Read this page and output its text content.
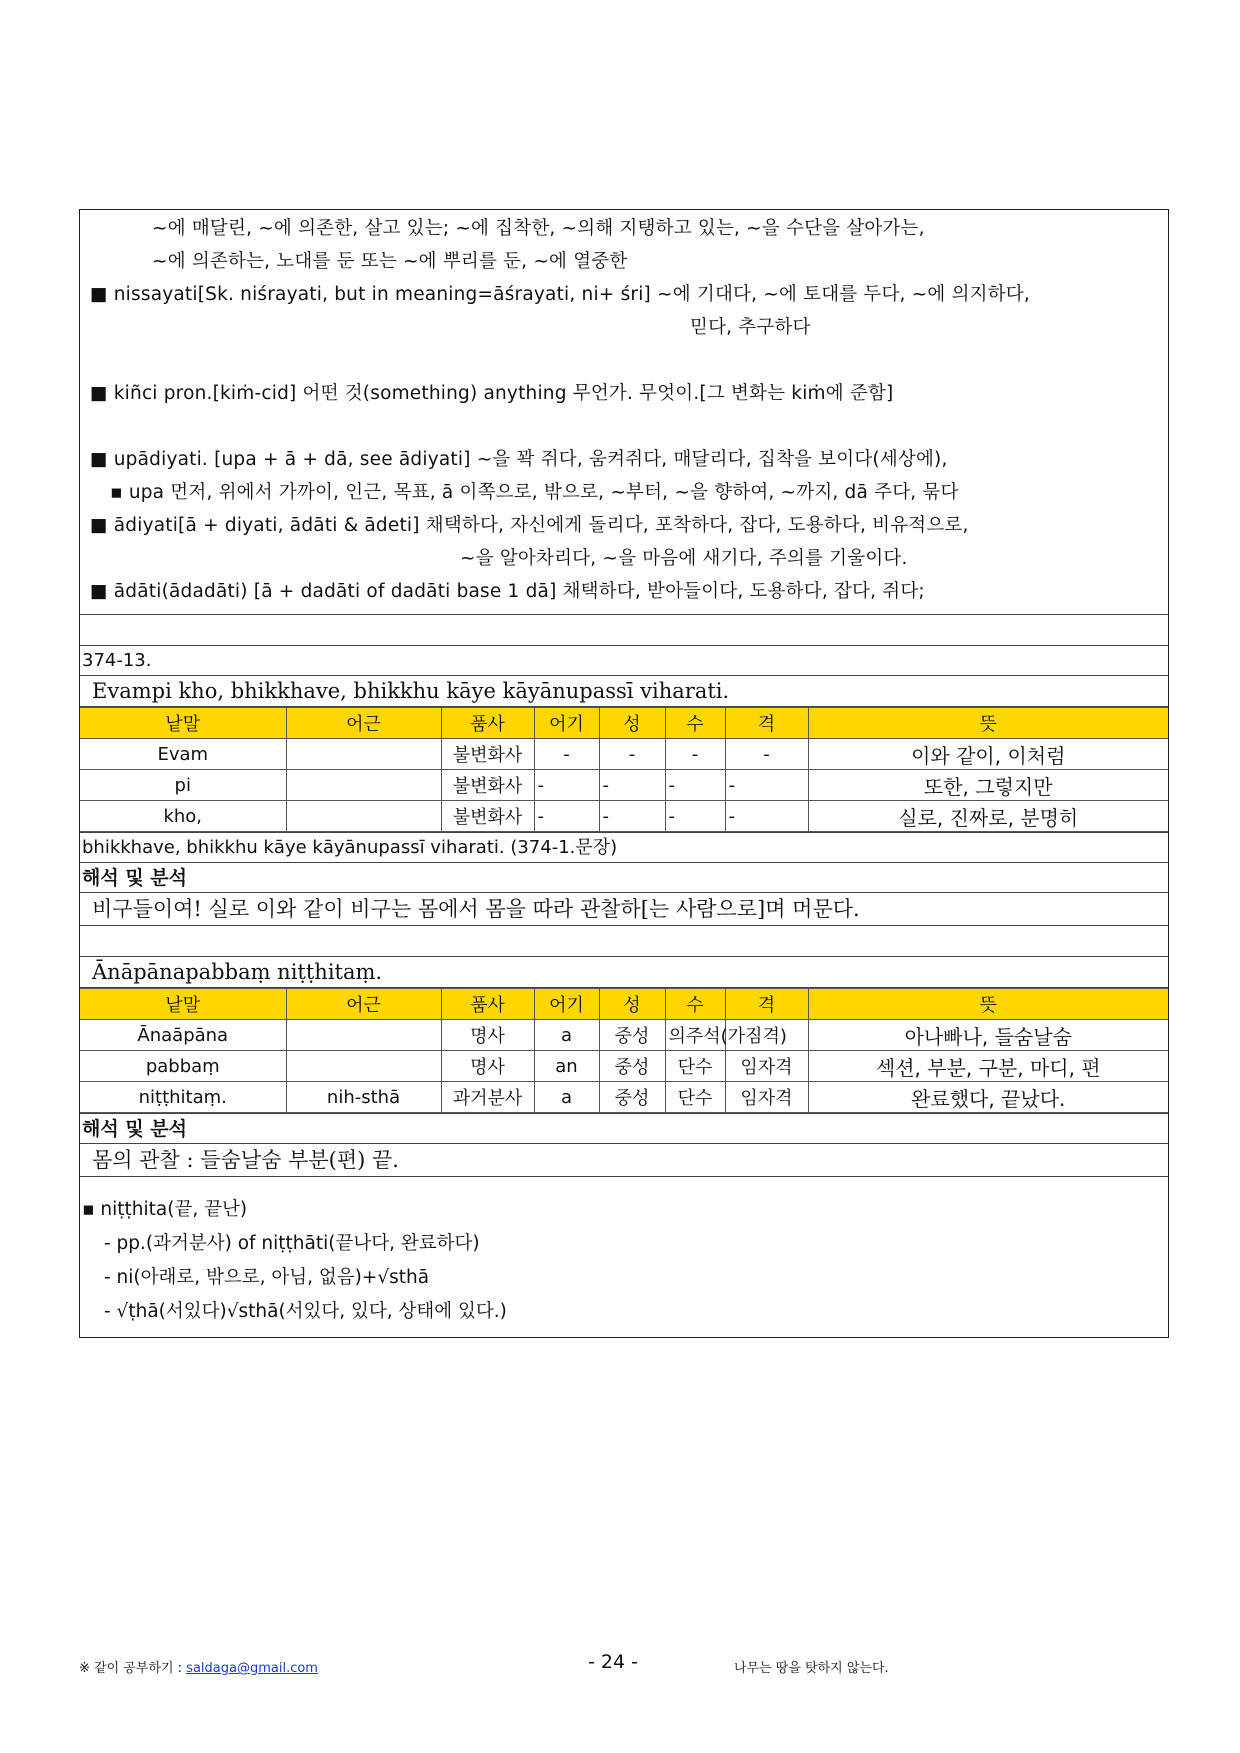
~에 매달린, ~에 의존한, 살고 있는; ~에 집착한, ~의해 지탱하고 있는, ~을 수단을 살아가는,

~에 의존하는, 노대를 둔 또는 ~에 뿌리를 둔, ~에 열중한

■ nissayati[Sk. niśrayati, but in meaning=āśrayati, ni+ śri] ~에 기대다, ~에 토대를 두다, ~에 의지하다,

믿다, 추구하다

■ kiñci pron.[kiṁ-cid] 어떤 것(something) anything 무언가. 무엇이.[그 변화는 kiṁ에 준함]

■ upādiyati. [upa + ā + dā, see ādiyati] ~을 꽉 쥐다, 움켜쥐다, 매달리다, 집착을 보이다(세상에),

▪ upa 먼저, 위에서 가까이, 인근, 목표, ā 이쪽으로, 밖으로, ~부터, ~을 향하여, ~까지, dā 주다, 묶다

■ ādiyati[ā + diyati, ādāti & ādeti] 채택하다, 자신에게 돌리다, 포착하다, 잡다, 도용하다, 비유적으로,

~을 알아차리다, ~을 마음에 새기다, 주의를 기울이다.

■ ādāti(ādadāti) [ā + dadāti of dadāti base 1 dā] 채택하다, 받아들이다, 도용하다, 잡다, 쥐다;

374-13.
Evampi kho, bhikkhave, bhikkhu kāye kāyānupassī viharati.
낱말	어근	품사	어기	성	수	격	뜻
Evam		불변화사	-	-	-	-	이와 같이, 이처럼
pi		불변화사	-	-	-	-	또한, 그렇지만
kho,		불변화사	-	-	-	-	실로, 진짜로, 분명히
bhikkhave, bhikkhu kāye kāyānupassī viharati. (374-1.문장)
해석 및 분석
비구들이여! 실로 이와 같이 비구는 몸에서 몸을 따라 관찰하[는 사람으로]며 머문다.
Ānāpānapabbaṃ niṭṭhitaṃ.
낱말	어근	품사	어기	성	수	격	뜻
Ānaāpāna		명사	a	중성	의주석(가짐격)		아나빠나, 들숨날숨
pabbaṃ		명사	an	중성	단수	임자격	섹션, 부분, 구분, 마디, 편
niṭṭhitaṃ.	nih-sthā	과거분사	a	중성	단수	임자격	완료했다, 끝났다.
해석 및 분석
몸의 관찰 : 들숨날숨 부분(편) 끝.

▪ niṭṭhita(끝, 끝난)

- pp.(과거분사) of niṭṭhāti(끝나다, 완료하다)

- ni(아래로, 밖으로, 아님, 없음)+√sthā

- √ṭhā(서있다)√sthā(서있다, 있다, 상태에 있다.)

※ 같이 공부하기 : saldaga@gmail.com	- 24 -	나무는 땅을 탓하지 않는다.
